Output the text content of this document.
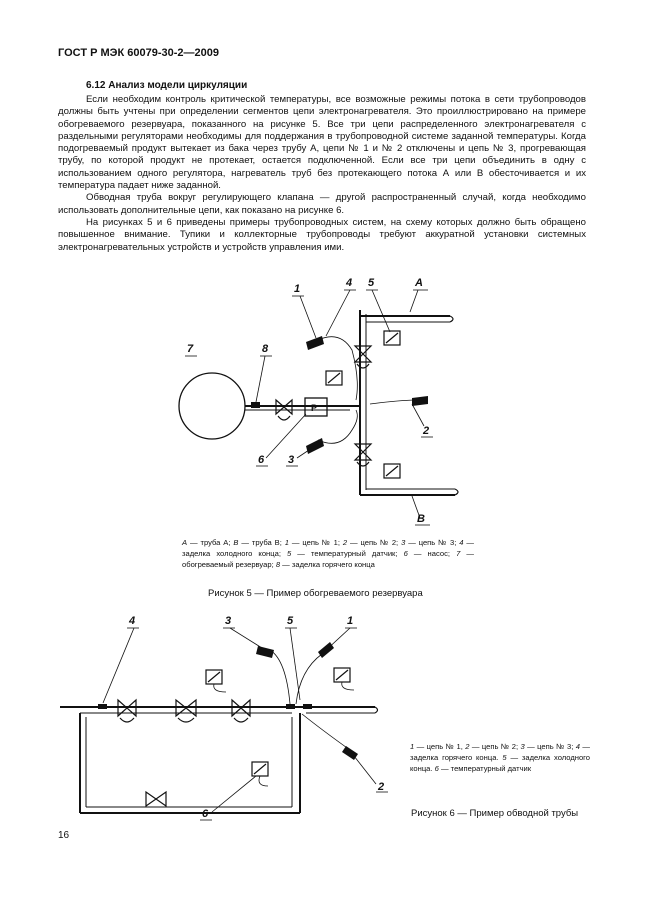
ГОСТ Р МЭК 60079-30-2—2009
6.12 Анализ модели циркуляции

Если необходим контроль критической температуры, все возможные режимы потока в сети трубопроводов должны быть учтены при определении сегментов цепи электронагревателя. Это проиллюстрировано на примере обогреваемого резервуара, показанного на рисунке 5. Все три цепи распределенного электронагревателя с раздельными регуляторами необходимы для поддержания в трубопроводной системе заданной температуры. Когда подогреваемый продукт вытекает из бака через трубу А, цепи № 1 и № 2 отключены и цепь № 3, прогревающая трубу, по которой продукт не протекает, остается подключенной. Если все три цепи объединить в одну с использованием одного регулятора, нагреватель труб без протекающего потока А или В обесточивается и их температура падает ниже заданной.

Обводная труба вокруг регулирующего клапана — другой распространенный случай, когда необходимо использовать дополнительные цепи, как показано на рисунке 6.

На рисунках 5 и 6 приведены примеры трубопроводных систем, на схему которых должно быть обращено повышенное внимание. Тупики и коллекторные трубопроводы требуют аккуратной установки системных электронагревательных устройств и устройств управления ими.

Р
1	4 5	А
7	8
2
6 3
В
А — труба А; В — труба В; 1 — цепь № 1; 2 — цепь № 2; 3 — цепь № 3; 4 — заделка холодного конца; 5 — температурный датчик; 6 — насос; 7 — обогреваемый резервуар; 8 — заделка горячего конца
Рисунок 5 — Пример обогреваемого резервуара
4	3	5	1
2
6
1 — цепь № 1, 2 — цепь № 2; 3 — цепь № 3; 4 — заделка горячего конца. 5 — заделка холодного конца. 6 — температурный датчик
Рисунок 6 — Пример обводной трубы
16
